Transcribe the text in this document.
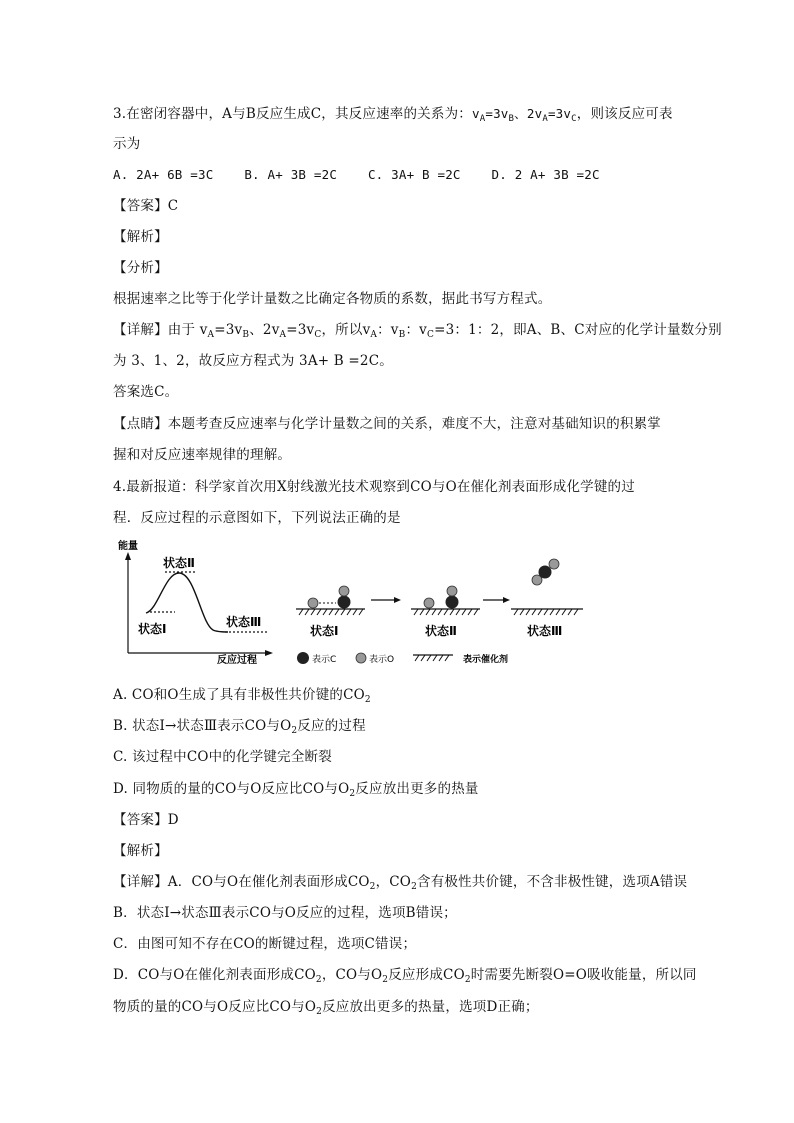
3.在密闭容器中，A与B反应生成C，其反应速率的关系为：$v_A=3v_B$、$2v_A=3v_C$，则该反应可表
示为
A. 2A+ 6B =3C    B. A+ 3B =2C    C. 3A+ B =2C    D. 2 A+ 3B =2C
【答案】C
【解析】
【分析】
根据速率之比等于化学计量数之比确定各物质的系数，据此书写方程式。
【详解】由于 $v_A=3v_B$、$2v_A=3v_C$，所以$v_A$：$v_B$：$v_C=3$：1：2，即A、B、C对应的化学计量数分别
为 3、1、2，故反应方程式为 3A+ B =2C。
答案选C。
【点睛】本题考查反应速率与化学计量数之间的关系，难度不大，注意对基础知识的积累掌
握和对反应速率规律的理解。
4.最新报道：科学家首次用X射线激光技术观察到CO与O在催化剂表面形成化学键的过
程．反应过程的示意图如下，下列说法正确的是
能量
反应过程
状态Ⅰ
状态Ⅱ
状态Ⅲ
状态Ⅰ	状态Ⅱ	状态Ⅲ
表示C	表示O	表示催化剂
A. CO和O生成了具有非极性共价键的$CO_2$
B. 状态Ⅰ→状态Ⅲ表示CO与$O_2$反应的过程
C. 该过程中CO中的化学键完全断裂
D. 同物质的量的CO与O反应比CO与$O_2$反应放出更多的热量
【答案】D
【解析】
【详解】A．CO与O在催化剂表面形成$CO_2$，$CO_2$含有极性共价键，不含非极性键，选项A错误
B．状态Ⅰ→状态Ⅲ表示CO与O反应的过程，选项B错误；
C．由图可知不存在CO的断键过程，选项C错误；
D．CO与O在催化剂表面形成$CO_2$，CO与$O_2$反应形成$CO_2$时需要先断裂O=O吸收能量，所以同
物质的量的CO与O反应比CO与$O_2$反应放出更多的热量，选项D正确；
